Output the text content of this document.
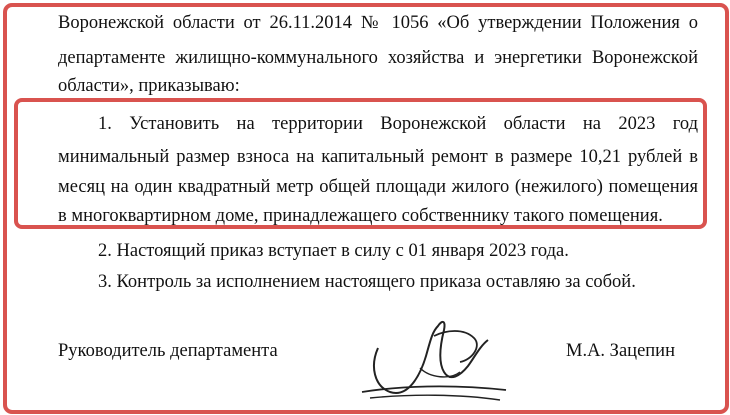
Воронежской области от 26.11.2014 № 1056 «Об утверждении Положения о
департаменте жилищно-коммунального хозяйства и энергетики Воронежской
области», приказываю:
1. Установить на территории Воронежской области на 2023 год
минимальный размер взноса на капитальный ремонт в размере 10,21 рублей в
месяц на один квадратный метр общей площади жилого (нежилого) помещения
в многоквартирном доме, принадлежащего собственнику такого помещения.
2. Настоящий приказ вступает в силу с 01 января 2023 года.
3. Контроль за исполнением настоящего приказа оставляю за собой.
Руководитель департамента	М.А. Зацепин
